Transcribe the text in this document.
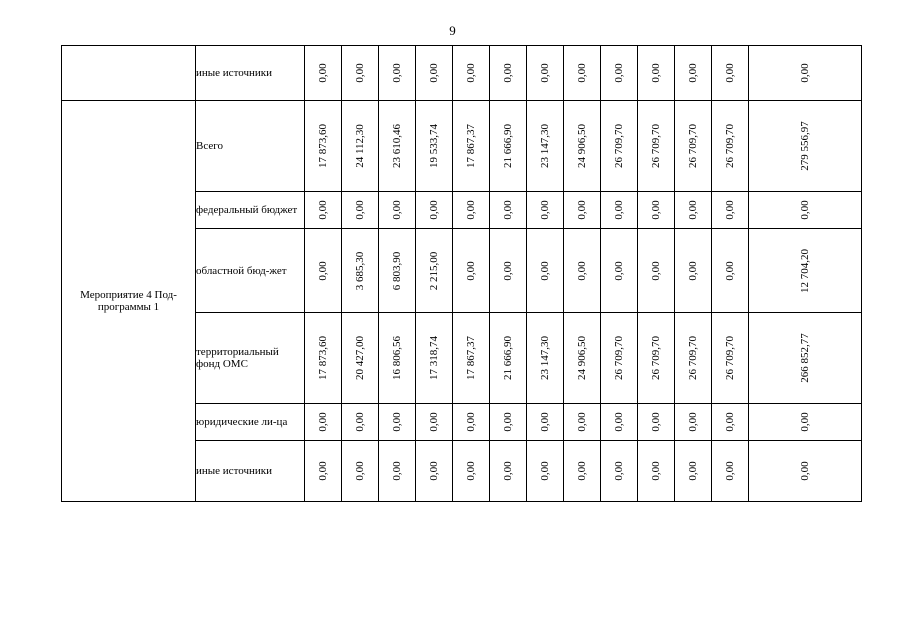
9
	иные источники	0,00	0,00	0,00	0,00	0,00	0,00	0,00	0,00	0,00	0,00	0,00	0,00	0,00

Мероприятие 4 Под-программы 1	Всего	17 873,60	24 112,30	23 610,46	19 533,74	17 867,37	21 666,90	23 147,30	24 906,50	26 709,70	26 709,70	26 709,70	26 709,70	279 556,97

	федеральный бюджет	0,00	0,00	0,00	0,00	0,00	0,00	0,00	0,00	0,00	0,00	0,00	0,00	0,00

	областной бюд-жет	0,00	3 685,30	6 803,90	2 215,00	0,00	0,00	0,00	0,00	0,00	0,00	0,00	0,00	12 704,20

	территориальный фонд ОМС	17 873,60	20 427,00	16 806,56	17 318,74	17 867,37	21 666,90	23 147,30	24 906,50	26 709,70	26 709,70	26 709,70	26 709,70	266 852,77

	юридические ли-ца	0,00	0,00	0,00	0,00	0,00	0,00	0,00	0,00	0,00	0,00	0,00	0,00	0,00

	иные источники	0,00	0,00	0,00	0,00	0,00	0,00	0,00	0,00	0,00	0,00	0,00	0,00	0,00
